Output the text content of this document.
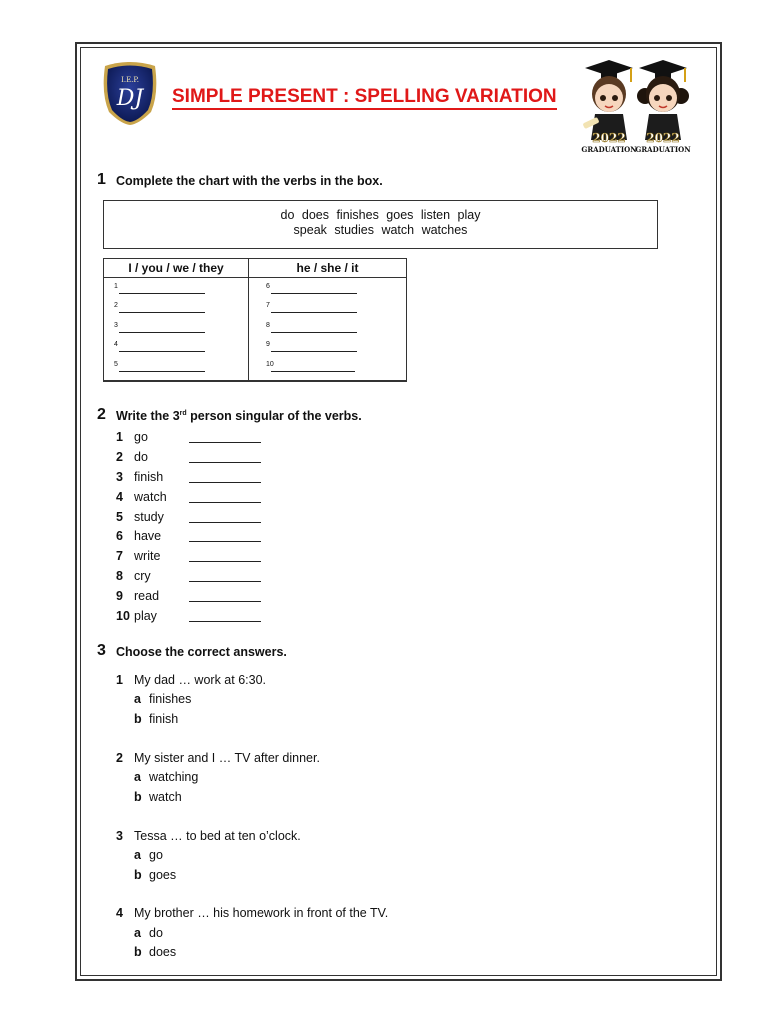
I.E.P.
DJ SIMPLE PRESENT : SPELLING VARIATION
2022
GRADUATION
2022
GRADUATION
1 Complete the chart with the verbs in the box.
do does finishes goes listen play
speak studies watch watches
I / you / we / they	he / she / it
1
2
3
4
5
6
7
8
9
10
2 Write the 3rd person singular of the verbs.
1 go
2 do
3 finish
4 watch
5 study
6 have
7 write
8 cry
9 read
10 play
3 Choose the correct answers.
1 My dad … work at 6:30.
a finishes
b finish
2 My sister and I … TV after dinner.
a watching
b watch
3 Tessa … to bed at ten o’clock.
a go
b goes
4 My brother … his homework in front of the TV.
a do
b does
